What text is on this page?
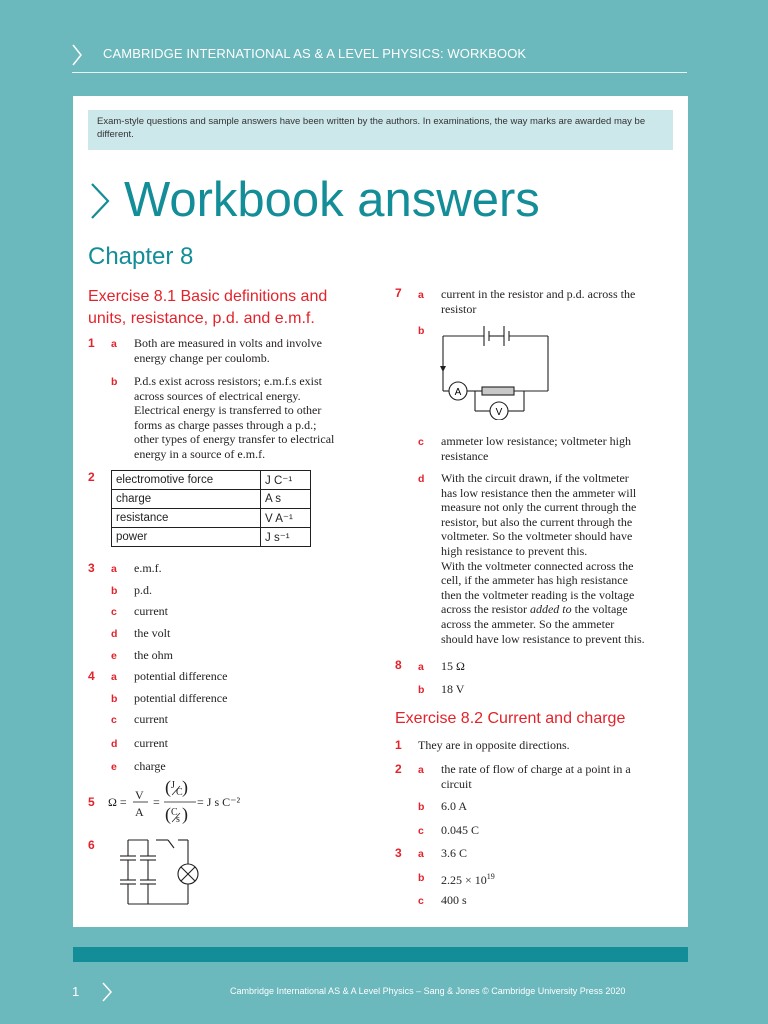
CAMBRIDGE INTERNATIONAL AS & A LEVEL PHYSICS: WORKBOOK
Exam-style questions and sample answers have been written by the authors. In examinations, the way marks are awarded may be different.
Workbook answers
Chapter 8
Exercise 8.1 Basic definitions and
units, resistance, p.d. and e.m.f.
1 a Both are measured in volts and involve
energy change per coulomb.
b P.d.s exist across resistors; e.m.f.s exist
across sources of electrical energy.
Electrical energy is transferred to other
forms as charge passes through a p.d.;
other types of energy transfer to electrical
energy in a source of e.m.f.
2 electromotive force	J C⁻¹
charge	A s
resistance	V A⁻¹
power	J s⁻¹
3 a e.m.f.
b p.d.
c current
d the volt
e the ohm
4 a potential difference
b potential difference
c current
d current
e charge
5 Ω = V
A
=
( J
C )
( C
s )
= J s C⁻²
6
7 a current in the resistor and p.d. across the
resistor
b
A
V
c ammeter low resistance; voltmeter high
resistance
d With the circuit drawn, if the voltmeter
has low resistance then the ammeter will
measure not only the current through the
resistor, but also the current through the
voltmeter. So the voltmeter should have
high resistance to prevent this.
With the voltmeter connected across the
cell, if the ammeter has high resistance
then the voltmeter reading is the voltage
across the resistor added to the voltage
across the ammeter. So the ammeter
should have low resistance to prevent this.
8 a 15 Ω
b 18 V
Exercise 8.2 Current and charge
1 They are in opposite directions.
2 a the rate of flow of charge at a point in a
circuit
b 6.0 A
c 0.045 C
3 a 3.6 C
b $2.25 \times 10^{19}$
c 400 s
1	Cambridge International AS & A Level Physics – Sang & Jones © Cambridge University Press 2020
